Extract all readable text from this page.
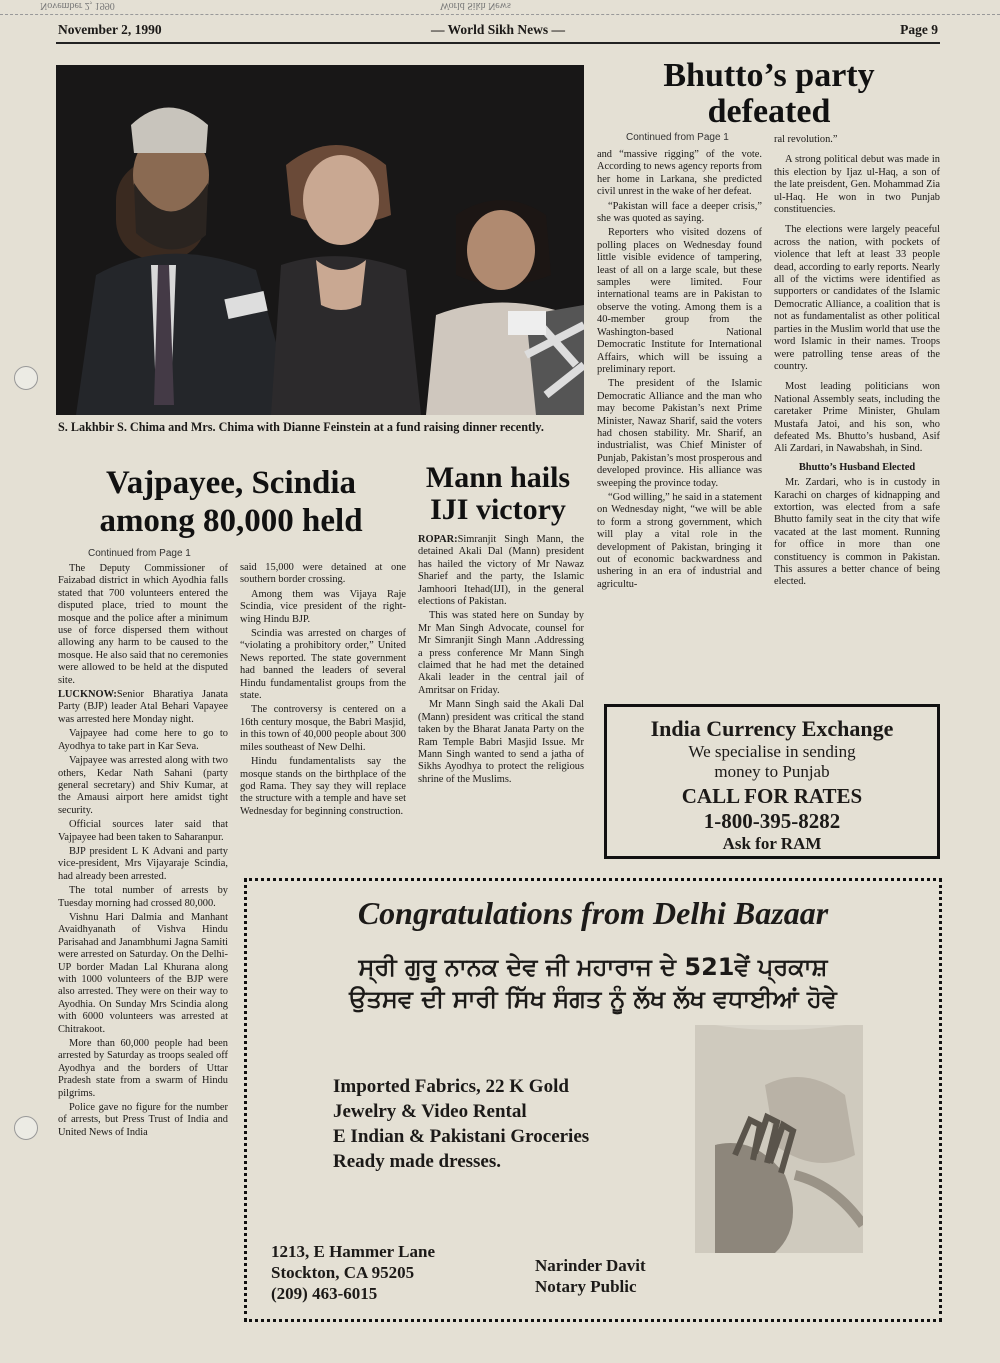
November 2, 1990	World Sikh News
November 2, 1990	— World Sikh News —	Page 9
S. Lakhbir S. Chima and Mrs. Chima with Dianne Feinstein at a fund raising dinner recently.
Bhutto’s party defeated
Continued from Page 1

and “massive rigging” of the vote. According to news agency reports from her home in Larkana, she predicted civil unrest in the wake of her defeat.

“Pakistan will face a deeper crisis,” she was quoted as saying.

Reporters who visited dozens of polling places on Wednesday found little visible evidence of tampering, least of all on a large scale, but these samples were limited. Four international teams are in Pakistan to observe the voting. Among them is a 40-member group from the Washington-based National Democratic Institute for International Affairs, which will be issuing a preliminary report.

The president of the Islamic Democratic Alliance and the man who may become Pakistan’s next Prime Minister, Nawaz Sharif, said the voters had chosen stability. Mr. Sharif, an industrialist, was Chief Minister of Punjab, Pakistan’s most prosperous and developed province. His alliance was sweeping the province today.

“God willing,” he said in a statement on Wednesday night, “we will be able to form a strong government, which will play a vital role in the development of Pakistan, bringing it out of economic backwardness and ushering in an era of industrial and agricultu-

ral revolution.”

A strong political debut was made in this election by Ijaz ul-Haq, a son of the late preisdent, Gen. Mohammad Zia ul-Haq. He won in two Punjab constituencies.

The elections were largely peaceful across the nation, with pockets of violence that left at least 33 people dead, according to early reports. Nearly all of the victims were identified as supporters or candidates of the Islamic Democratic Alliance, a coalition that is not as fundamentalist as other political parties in the Muslim world that use the word Islamic in their names. Troops were patrolling tense areas of the country.

Most leading politicians won National Assembly seats, including the caretaker Prime Minister, Ghulam Mustafa Jatoi, and his son, who defeated Ms. Bhutto’s husband, Asif Ali Zardari, in Nawabshah, in Sind.

Bhutto’s Husband Elected

Mr. Zardari, who is in custody in Karachi on charges of kidnapping and extortion, was elected from a safe Bhutto family seat in the city that wife vacated at the last moment. Running for office in more than one constituency is common in Pakistan. This assures a better chance of being elected.

Vajpayee, Scindia among 80,000 held
Continued from Page 1

The Deputy Commissioner of Faizabad district in which Ayodhia falls stated that 700 volunteers entered the disputed place, tried to mount the mosque and the police after a minimum use of force dispersed them without allowing any harm to be caused to the mosque. He also said that no ceremonies were allowed to be held at the disputed site.

LUCKNOW:Senior Bharatiya Janata Party (BJP) leader Atal Behari Vapayee was arrested here Monday night.

Vajpayee had come here to go to Ayodhya to take part in Kar Seva.

Vajpayee was arrested along with two others, Kedar Nath Sahani (party general secretary) and Shiv Kumar, at the Amausi airport here amidst tight security.

Official sources later said that Vajpayee had been taken to Saharanpur.

BJP president L K Advani and party vice-president, Mrs Vijayaraje Scindia, had already been arrested.

The total number of arrests by Tuesday morning had crossed 80,000.

Vishnu Hari Dalmia and Manhant Avaidhyanath of Vishva Hindu Parisahad and Janambhumi Jagna Samiti were arrested on Saturday. On the Delhi-UP border Madan Lal Khurana along with 1000 volunteers of the BJP were also arrested. They were on their way to Ayodhia. On Sunday Mrs Scindia along with 6000 volunteers was arrested at Chitrakoot.

More than 60,000 people had been arrested by Saturday as troops sealed off Ayodhya and the borders of Uttar Pradesh state from a swarm of Hindu pilgrims.

Police gave no figure for the number of arrests, but Press Trust of India and United News of India

said 15,000 were detained at one southern border crossing.

Among them was Vijaya Raje Scindia, vice president of the right-wing Hindu BJP.

Scindia was arrested on charges of “violating a prohibitory order,” United News reported. The state government had banned the leaders of several Hindu fundamentalist groups from the state.

The controversy is centered on a 16th century mosque, the Babri Masjid, in this town of 40,000 people about 300 miles southeast of New Delhi.

Hindu fundamentalists say the mosque stands on the birthplace of the god Rama. They say they will replace the structure with a temple and have set Wednesday for beginning construction.

Mann hails IJI victory

ROPAR:Simranjit Singh Mann, the detained Akali Dal (Mann) president has hailed the victory of Mr Nawaz Sharief and the party, the Islamic Jamhoori Itehad(IJI), in the general elections of Pakistan.

This was stated here on Sunday by Mr Man Singh Advocate, counsel for Mr Simranjit Singh Mann .Addressing a press conference Mr Mann Singh claimed that he had met the detained Akali leader in the central jail of Amritsar on Friday.

Mr Mann Singh said the Akali Dal (Mann) president was critical the stand taken by the Bharat Janata Party on the Ram Temple Babri Masjid Issue. Mr Mann Singh wanted to send a jatha of Sikhs Ayodhya to protect the religious shrine of the Muslims.

India Currency Exchange
We specialise in sending
money to Punjab
CALL FOR RATES
1-800-395-8282
Ask for RAM
Congratulations from Delhi Bazaar
ਸ੍ਰੀ ਗੁਰੂ ਨਾਨਕ ਦੇਵ ਜੀ ਮਹਾਰਾਜ ਦੇ 521ਵੇਂ ਪ੍ਰਕਾਸ਼
ਉਤਸਵ ਦੀ ਸਾਰੀ ਸਿੱਖ ਸੰਗਤ ਨੂੰ ਲੱਖ ਲੱਖ ਵਧਾਈਆਂ ਹੋਵੇ
Imported Fabrics, 22 K Gold
Jewelry & Video Rental
E Indian & Pakistani Groceries
Ready made dresses.
1213, E Hammer Lane
Stockton, CA 95205
(209) 463-6015
Narinder Davit
Notary Public
